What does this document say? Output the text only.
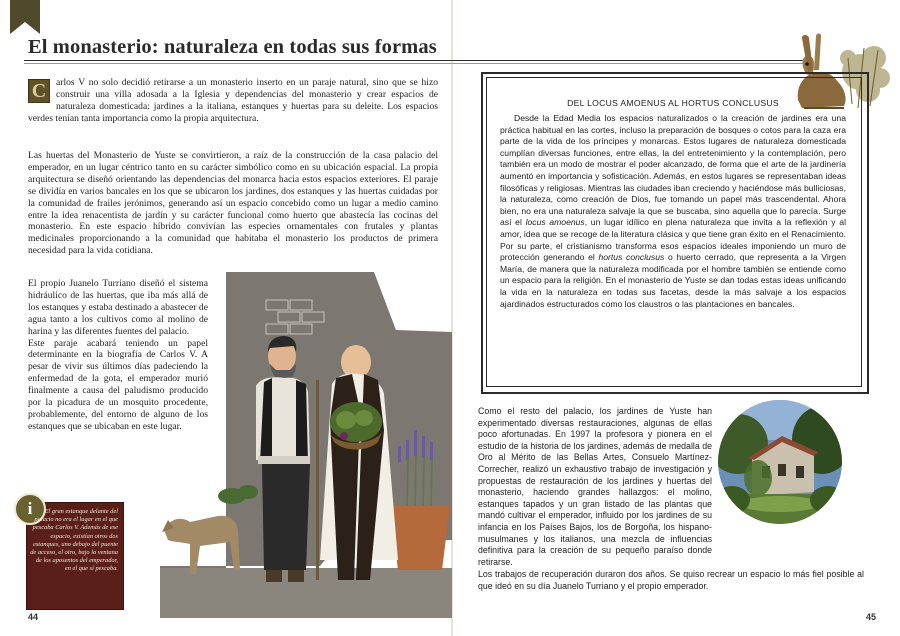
El monasterio: naturaleza en todas sus formas
C	arlos V no solo decidió retirarse a un monasterio inserto en un paraje natural, sino que se hizo construir una villa adosada a la Iglesia y dependencias del monasterio y crear espacios de naturaleza domesticada: jardines a la italiana, estanques y huertas para su deleite. Los espacios verdes tenían tanta importancia como la propia arquitectura.

Las huertas del Monasterio de Yuste se convirtieron, a raíz de la construcción de la casa palacio del emperador, en un lugar céntrico tanto en su carácter simbólico como en su ubicación espacial. La propia arquitectura se diseñó orientando las dependencias del monarca hacia estos espacios exteriores. El paraje se dividía en varios bancales en los que se ubicaron los jardines, dos estanques y las huertas cuidadas por la comunidad de frailes jerónimos, generando así un espacio concebido como un lugar a medio camino entre la idea renacentista de jardín y su carácter funcional como huerto que abastecía las cocinas del monasterio. En este espacio híbrido convivían las especies ornamentales con frutales y plantas medicinales proporcionando a la comunidad que habitaba el monasterio los productos de primera necesidad para la vida cotidiana.

El propio Juanelo Turriano diseñó el sistema hidráulico de las huertas, que iba más allá de los estanques y estaba destinado a abastecer de agua tanto a los cultivos como al molino de harina y las diferentes fuentes del palacio.

Este paraje acabará teniendo un papel determinante en la biografía de Carlos V. A pesar de vivir sus últimos días padeciendo la enfermedad de la gota, el emperador murió finalmente a causa del paludismo producido por la picadura de un mosquito procedente, probablemente, del entorno de alguno de los estanques que se ubicaban en este lugar.

i	El gran estanque delante del palacio no era el lugar en el que pescaba Carlos V. Además de ese espacio, existían otros dos estanques, uno debajo del puente de acceso, el otro, bajo la ventana de los aposentos del emperador, en el que sí pescaba.

44

DEL LOCUS AMOENUS AL HORTUS CONCLUSUS

Desde la Edad Media los espacios naturalizados o la creación de jardines era una práctica habitual en las cortes, incluso la preparación de bosques o cotos para la caza era parte de la vida de los príncipes y monarcas. Estos lugares de naturaleza domesticada cumplían diversas funciones, entre ellas, la del entretenimiento y la contemplación, pero también era un modo de mostrar el poder alcanzado, de forma que el arte de la jardinería aumentó en importancia y sofisticación. Además, en estos lugares se representaban ideas filosóficas y religiosas. Mientras las ciudades iban creciendo y haciéndose más bulliciosas, la naturaleza, como creación de Dios, fue tomando un papel más trascendental. Ahora bien, no era una naturaleza salvaje la que se buscaba, sino aquella que lo parecía. Surge así el locus amoenus, un lugar idílico en plena naturaleza que invita a la reflexión y al amor, idea que se recoge de la literatura clásica y que tiene gran éxito en el Renacimiento. Por su parte, el cristianismo transforma esos espacios ideales imponiendo un muro de protección generando el hortus conclusus o huerto cerrado, que representa a la Virgen María, de manera que la naturaleza modificada por el hombre también se entiende como un espacio para la religión. En el monasterio de Yuste se dan todas estas ideas unificando la vida en la naturaleza en todas sus facetas, desde la más salvaje a los espacios ajardinados estructurados como los claustros o las plantaciones en bancales.

Como el resto del palacio, los jardines de Yuste han experimentado diversas restauraciones, algunas de ellas poco afortunadas. En 1997 la profesora y pionera en el estudio de la historia de los jardines, además de medalla de Oro al Mérito de las Bellas Artes, Consuelo Martínez-Correcher, realizó un exhaustivo trabajo de investigación y propuestas de restauración de los jardines y huertas del monasterio, haciendo grandes hallazgos: el molino, estanques tapados y un gran listado de las plantas que mandó cultivar el emperador, influido por los jardines de su infancia en los Países Bajos, los de Borgoña, los hispano-musulmanes y los italianos, una mezcla de influencias definitiva para la creación de su pequeño paraíso donde retirarse.

Los trabajos de recuperación duraron dos años. Se quiso recrear un espacio lo más fiel posible al que ideó en su día Juanelo Turriano y el propio emperador.

45
